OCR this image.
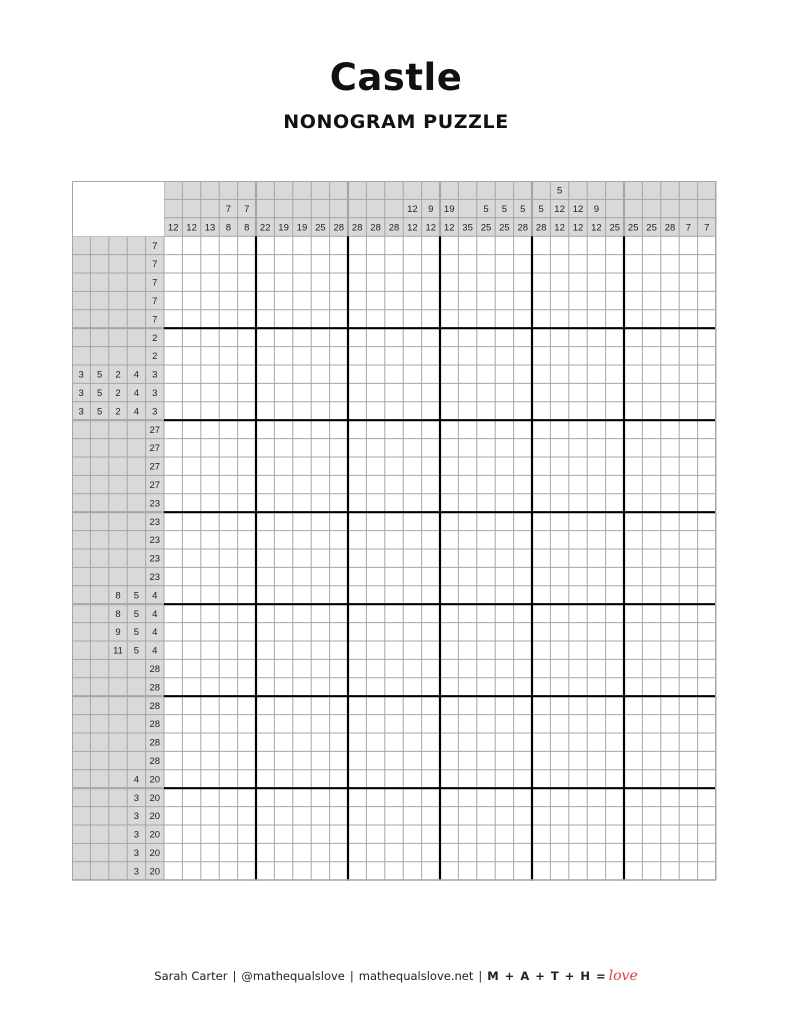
Castle
NONOGRAM PUZZLE
12 12 13
7
8
7
8 22 19 19 25 28 28 28 28
12
12
9
12
19
12 35
5
25
5
25
5
28
5
28
5
12
12
12
12
9
12 25 25 25 28 7 7
7
7
7
7
7
2
2
3 5 2 4 3
3 5 2 4 3
3 5 2 4 3
27
27
27
27
23
23
23
23
23
8 5 4
8 5 4
9 5 4
11 5 4
28
28
28
28
28
28
4 20
3 20
3 20
3 20
3 20
3 20
Sarah Carter | @mathequalslove | mathequalslove.net | M + A + T + H = love
